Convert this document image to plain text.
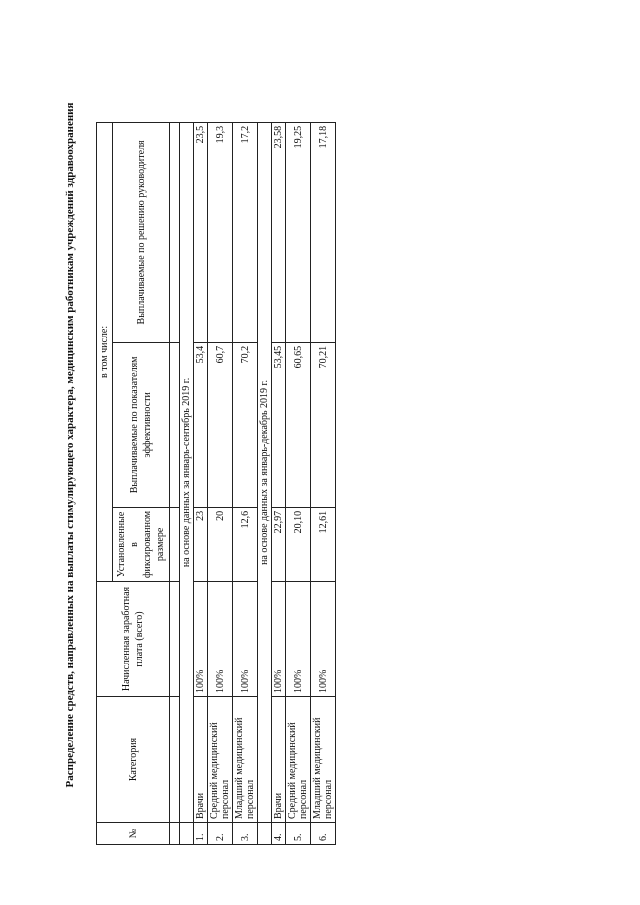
Распределение средств, направленных на выплаты стимулирующего характера, медицинским работникам учреждений здравоохранения
№	Категория	Начисленная заработная плата (всего)	в том числе:		
			Установленные в фиксированном размере	Выплачиваемые по показателям эффективности	Выплачиваемые по решению руководителя

	на основе данных за январь-сентябрь 2019 г.				
1.	Врачи	100%	23	53,4	23,5
2.	Средний медицинский персонал	100%	20	60,7	19,3
3.	Младший медицинский персонал	100%	12,6	70,2	17,2
	на основе данных за январь-декабрь 2019 г.				
4.	Врачи	100%	22,97	53,45	23,58
5.	Средний медицинский персонал	100%	20,10	60,65	19,25
6.	Младший медицинский персонал	100%	12,61	70,21	17,18
